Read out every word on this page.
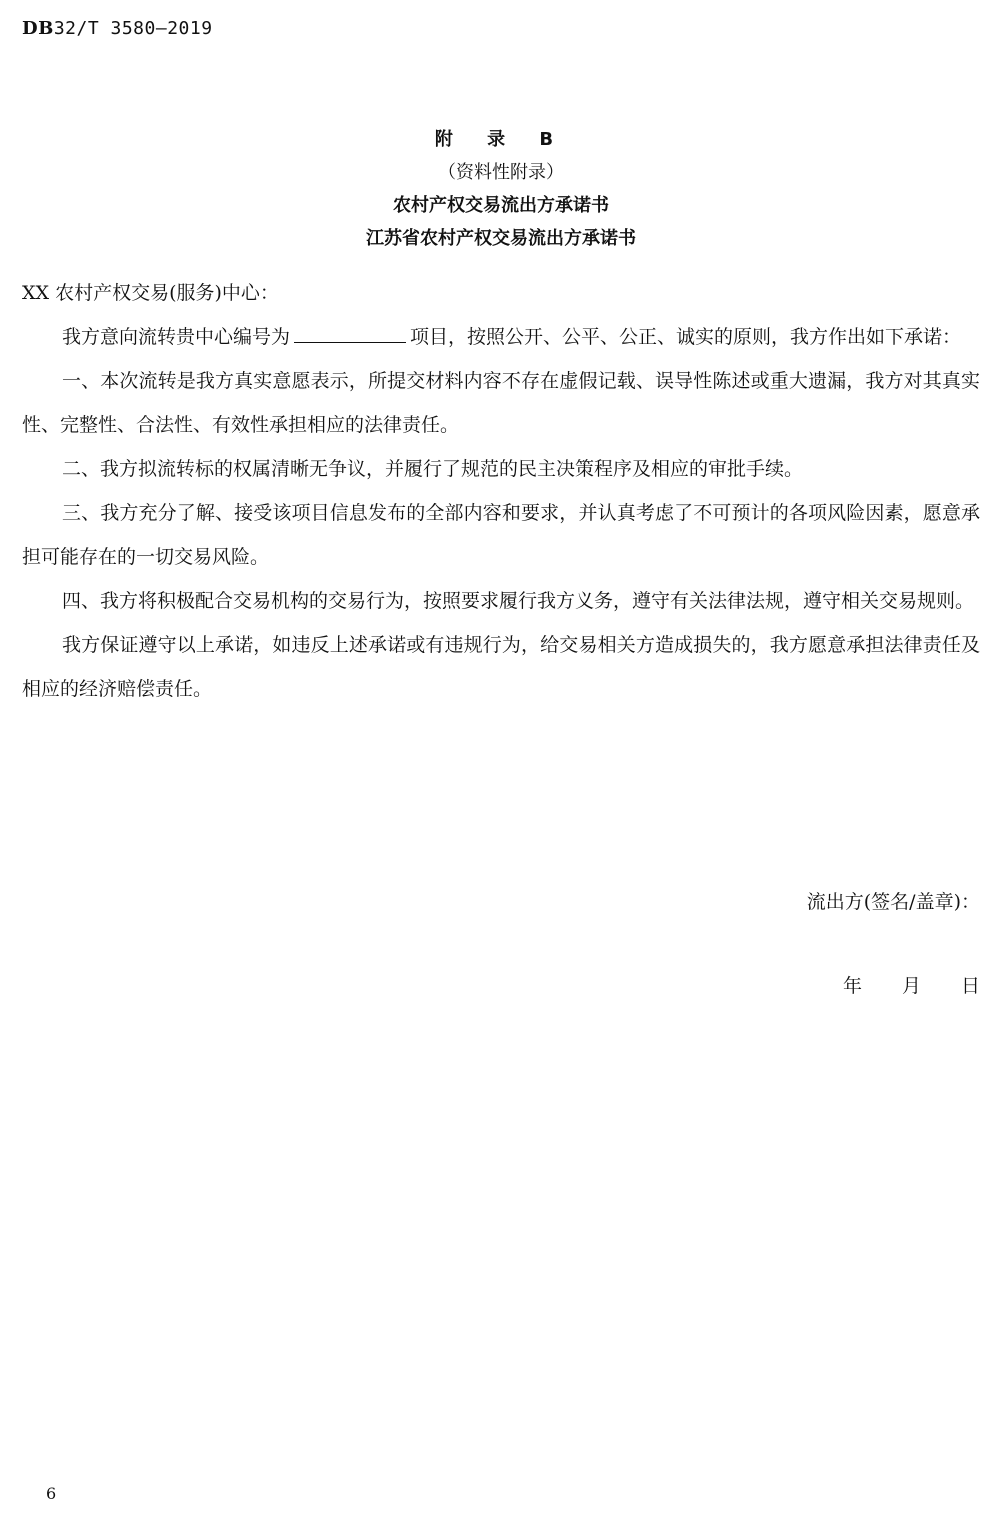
DB32/T 3580—2019
附 录 B
（资料性附录）
农村产权交易流出方承诺书
江苏省农村产权交易流出方承诺书

XX 农村产权交易(服务)中心：

我方意向流转贵中心编号为	项目，按照公开、公平、公正、诚实的原则，我方作出如下承诺：

一、本次流转是我方真实意愿表示，所提交材料内容不存在虚假记载、误导性陈述或重大遗漏，我方对其真实性、完整性、合法性、有效性承担相应的法律责任。

二、我方拟流转标的权属清晰无争议，并履行了规范的民主决策程序及相应的审批手续。

三、我方充分了解、接受该项目信息发布的全部内容和要求，并认真考虑了不可预计的各项风险因素，愿意承担可能存在的一切交易风险。

四、我方将积极配合交易机构的交易行为，按照要求履行我方义务，遵守有关法律法规，遵守相关交易规则。

我方保证遵守以上承诺，如违反上述承诺或有违规行为，给交易相关方造成损失的，我方愿意承担法律责任及相应的经济赔偿责任。

流出方(签名/盖章)：
年 月 日
6
